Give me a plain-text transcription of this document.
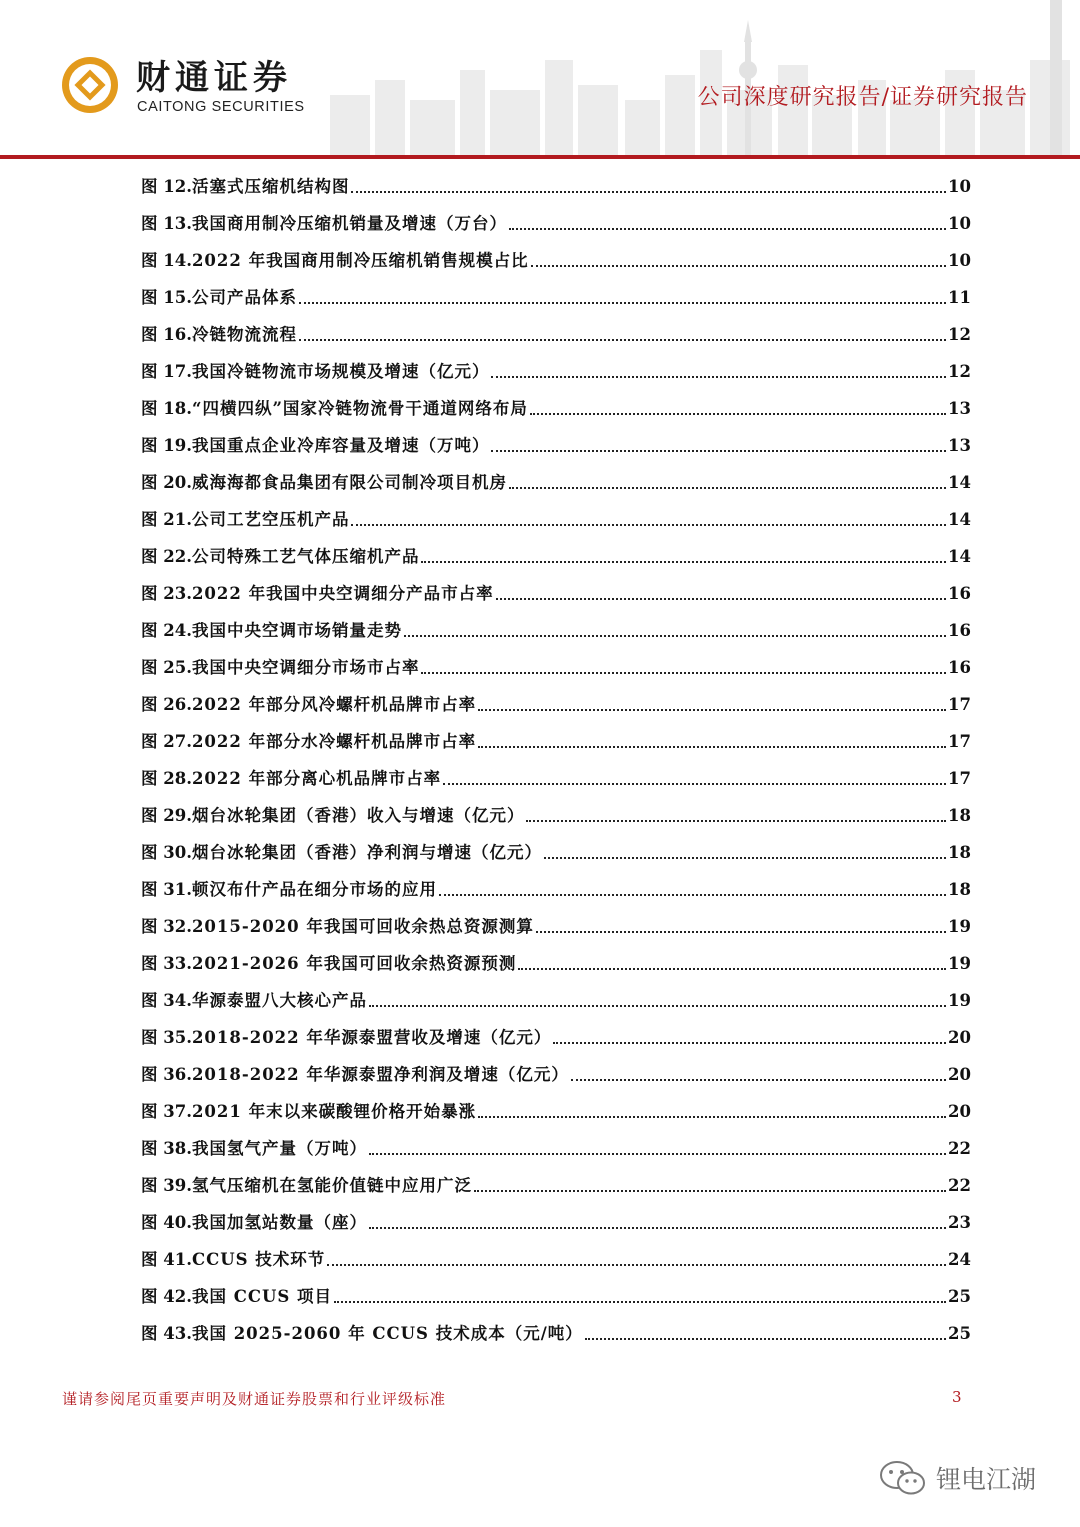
财通证券
CAITONG SECURITIES	公司深度研究报告/证券研究报告
图 12. 活塞式压缩机结构图	10
图 13. 我国商用制冷压缩机销量及增速（万台）	10
图 14. 2022 年我国商用制冷压缩机销售规模占比	10
图 15. 公司产品体系	11
图 16. 冷链物流流程	12
图 17. 我国冷链物流市场规模及增速（亿元）	12
图 18. “四横四纵”国家冷链物流骨干通道网络布局	13
图 19. 我国重点企业冷库容量及增速（万吨）	13
图 20. 威海海都食品集团有限公司制冷项目机房	14
图 21. 公司工艺空压机产品	14
图 22. 公司特殊工艺气体压缩机产品	14
图 23. 2022 年我国中央空调细分产品市占率	16
图 24. 我国中央空调市场销量走势	16
图 25. 我国中央空调细分市场市占率	16
图 26. 2022 年部分风冷螺杆机品牌市占率	17
图 27. 2022 年部分水冷螺杆机品牌市占率	17
图 28. 2022 年部分离心机品牌市占率	17
图 29. 烟台冰轮集团（香港）收入与增速（亿元）	18
图 30. 烟台冰轮集团（香港）净利润与增速（亿元）	18
图 31. 顿汉布什产品在细分市场的应用	18
图 32. 2015-2020 年我国可回收余热总资源测算	19
图 33. 2021-2026 年我国可回收余热资源预测	19
图 34. 华源泰盟八大核心产品	19
图 35. 2018-2022 年华源泰盟营收及增速（亿元）	20
图 36. 2018-2022 年华源泰盟净利润及增速（亿元）	20
图 37. 2021 年末以来碳酸锂价格开始暴涨	20
图 38. 我国氢气产量（万吨）	22
图 39. 氢气压缩机在氢能价值链中应用广泛	22
图 40. 我国加氢站数量（座）	23
图 41. CCUS 技术环节	24
图 42. 我国 CCUS 项目	25
图 43. 我国 2025-2060 年 CCUS 技术成本（元/吨）	25
谨请参阅尾页重要声明及财通证券股票和行业评级标准	3
锂电江湖
